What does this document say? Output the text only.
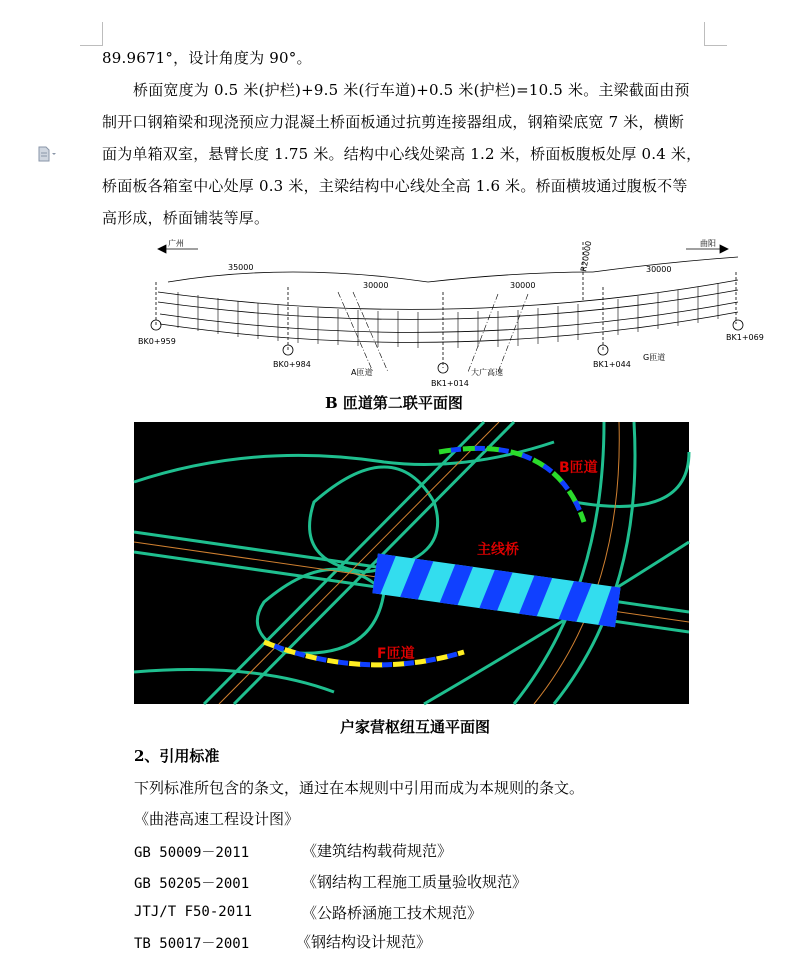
89.9671°，设计角度为 90°。

桥面宽度为 0.5 米(护栏)+9.5 米(行车道)+0.5 米(护栏)=10.5 米。主梁截面由预
制开口钢箱梁和现浇预应力混凝土桥面板通过抗剪连接器组成，钢箱梁底宽 7 米，横断
面为单箱双室，悬臂长度 1.75 米。结构中心线处梁高 1.2 米，桥面板腹板处厚 0.4 米，
桥面板各箱室中心处厚 0.3 米，主梁结构中心线处全高 1.6 米。桥面横坡通过腹板不等
高形成，桥面铺装等厚。

广州	曲阳
35000
30000	30000
30000
R20000
BK0+959
BK0+984
BK1+014
BK1+044
BK1+069
A匝道	大广高速
G匝道
B 匝道第二联平面图
B匝道
主线桥
F匝道
户家营枢纽互通平面图
2、引用标准
下列标准所包含的条文，通过在本规则中引用而成为本规则的条文。
《曲港高速工程设计图》
GB 50009－2011	《建筑结构载荷规范》
GB 50205－2001	《钢结构工程施工质量验收规范》
JTJ/T F50-2011	《公路桥涵施工技术规范》
TB 50017－2001	《钢结构设计规范》
